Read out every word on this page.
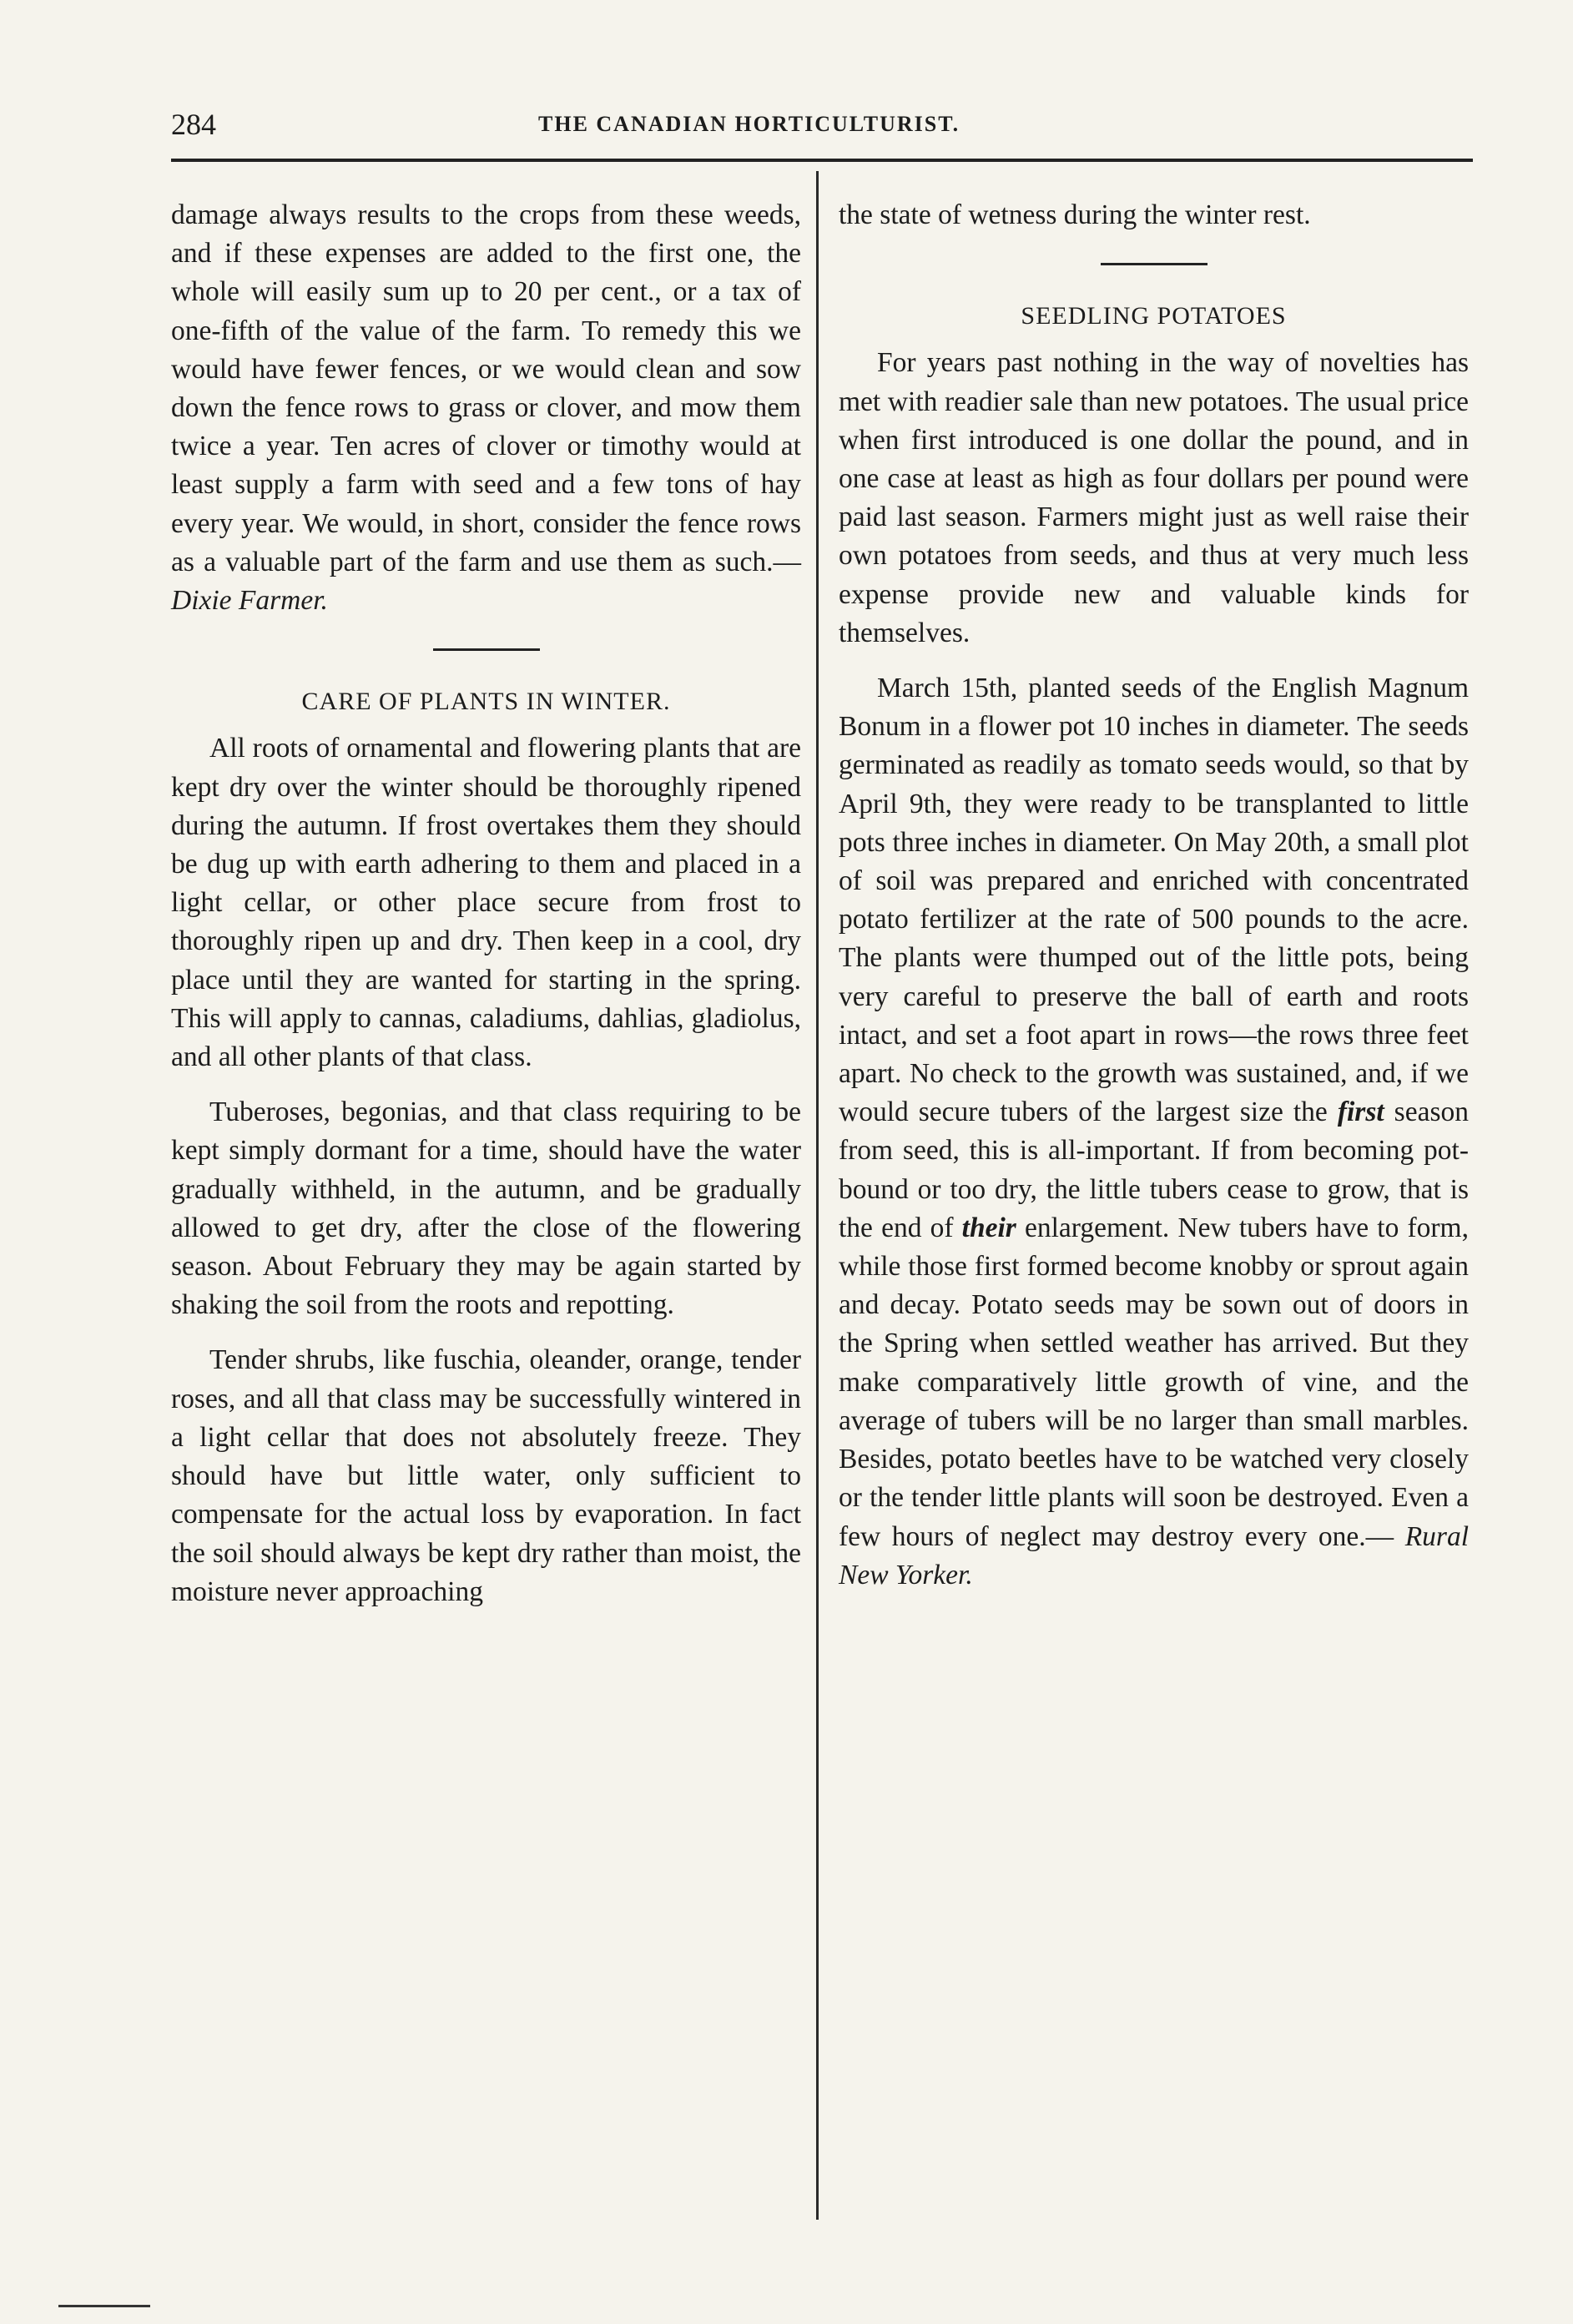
284	THE CANADIAN HORTICULTURIST.

damage always results to the crops from these weeds, and if these expenses are added to the first one, the whole will easily sum up to 20 per cent., or a tax of one-fifth of the value of the farm. To remedy this we would have fewer fences, or we would clean and sow down the fence rows to grass or clover, and mow them twice a year. Ten acres of clover or timothy would at least supply a farm with seed and a few tons of hay every year. We would, in short, consider the fence rows as a valuable part of the farm and use them as such.— Dixie Farmer.

CARE OF PLANTS IN WINTER.

All roots of ornamental and flowering plants that are kept dry over the winter should be thoroughly ripened during the autumn. If frost overtakes them they should be dug up with earth adhering to them and placed in a light cellar, or other place secure from frost to thoroughly ripen up and dry. Then keep in a cool, dry place until they are wanted for starting in the spring. This will apply to cannas, caladiums, dahlias, gladiolus, and all other plants of that class.

Tuberoses, begonias, and that class requiring to be kept simply dormant for a time, should have the water gradually withheld, in the autumn, and be gradually allowed to get dry, after the close of the flowering season. About February they may be again started by shaking the soil from the roots and repotting.

Tender shrubs, like fuschia, oleander, orange, tender roses, and all that class may be successfully wintered in a light cellar that does not absolutely freeze. They should have but little water, only sufficient to compensate for the actual loss by evaporation. In fact the soil should always be kept dry rather than moist, the moisture never approaching

the state of wetness during the winter rest.

SEEDLING POTATOES

For years past nothing in the way of novelties has met with readier sale than new potatoes. The usual price when first introduced is one dollar the pound, and in one case at least as high as four dollars per pound were paid last season. Farmers might just as well raise their own potatoes from seeds, and thus at very much less expense provide new and valuable kinds for themselves.

March 15th, planted seeds of the English Magnum Bonum in a flower pot 10 inches in diameter. The seeds germinated as readily as tomato seeds would, so that by April 9th, they were ready to be transplanted to little pots three inches in diameter. On May 20th, a small plot of soil was prepared and enriched with concentrated potato fertilizer at the rate of 500 pounds to the acre. The plants were thumped out of the little pots, being very careful to preserve the ball of earth and roots intact, and set a foot apart in rows—the rows three feet apart. No check to the growth was sustained, and, if we would secure tubers of the largest size the first season from seed, this is all-important. If from becoming pot-bound or too dry, the little tubers cease to grow, that is the end of their enlargement. New tubers have to form, while those first formed become knobby or sprout again and decay. Potato seeds may be sown out of doors in the Spring when settled weather has arrived. But they make comparatively little growth of vine, and the average of tubers will be no larger than small marbles. Besides, potato beetles have to be watched very closely or the tender little plants will soon be destroyed. Even a few hours of neglect may destroy every one.— Rural New Yorker.
